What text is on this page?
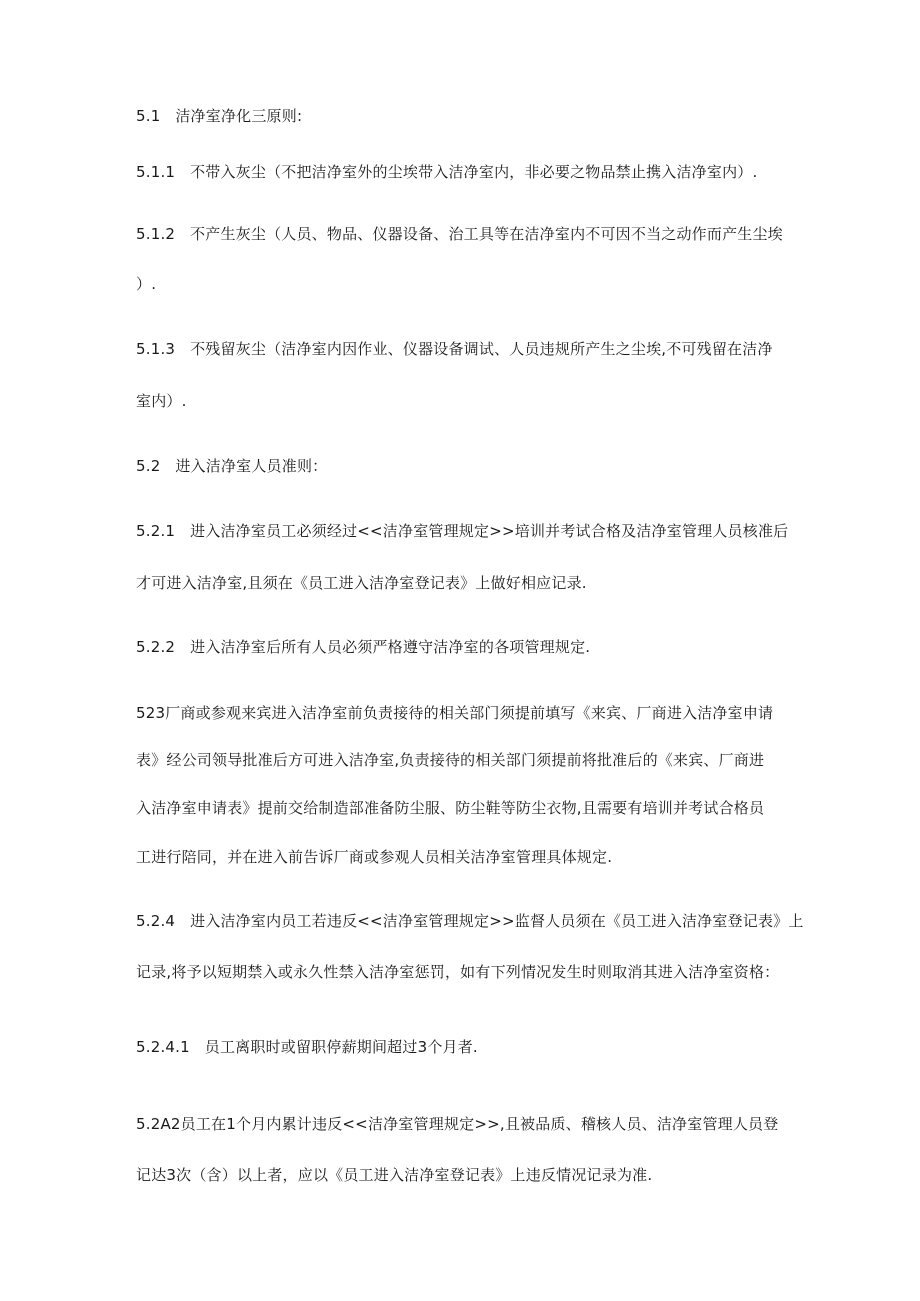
5.1   洁净室净化三原则:
5.1.1   不带入灰尘（不把洁净室外的尘埃带入洁净室内，非必要之物品禁止携入洁净室内）.
5.1.2   不产生灰尘（人员、物品、仪器设备、治工具等在洁净室内不可因不当之动作而产生尘埃
）.
5.1.3   不残留灰尘（洁净室内因作业、仪器设备调试、人员违规所产生之尘埃,不可残留在洁净
室内）.
5.2   进入洁净室人员准则：
5.2.1   进入洁净室员工必须经过<<洁净室管理规定>>培训并考试合格及洁净室管理人员核准后
才可进入洁净室,且须在《员工进入洁净室登记表》上做好相应记录.
5.2.2   进入洁净室后所有人员必须严格遵守洁净室的各项管理规定.
523厂商或参观来宾进入洁净室前负责接待的相关部门须提前填写《来宾、厂商进入洁净室申请
表》经公司领导批准后方可进入洁净室,负责接待的相关部门须提前将批准后的《来宾、厂商进
入洁净室申请表》提前交给制造部准备防尘服、防尘鞋等防尘衣物,且需要有培训并考试合格员
工进行陪同，并在进入前告诉厂商或参观人员相关洁净室管理具体规定.
5.2.4   进入洁净室内员工若违反<<洁净室管理规定>>监督人员须在《员工进入洁净室登记表》上
记录,将予以短期禁入或永久性禁入洁净室惩罚，如有下列情况发生时则取消其进入洁净室资格：
5.2.4.1   员工离职时或留职停薪期间超过3个月者.
5.2A2员工在1个月内累计违反<<洁净室管理规定>>,且被品质、稽核人员、洁净室管理人员登
记达3次（含）以上者，应以《员工进入洁净室登记表》上违反情况记录为准.
